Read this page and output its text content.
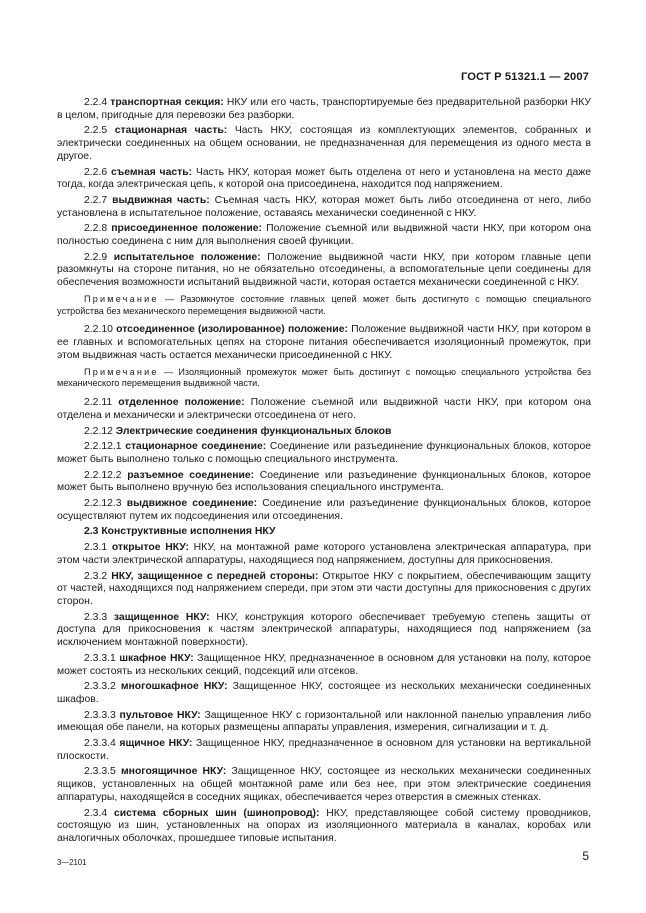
ГОСТ Р 51321.1 — 2007

2.2.4 транспортная секция: НКУ или его часть, транспортируемые без предварительной разборки НКУ в целом, пригодные для перевозки без разборки.

2.2.5 стационарная часть: Часть НКУ, состоящая из комплектующих элементов, собранных и электрически соединенных на общем основании, не предназначенная для перемещения из одного места в другое.

2.2.6 съемная часть: Часть НКУ, которая может быть отделена от него и установлена на место даже тогда, когда электрическая цепь, к которой она присоединена, находится под напряжением.

2.2.7 выдвижная часть: Съемная часть НКУ, которая может быть либо отсоединена от него, либо установлена в испытательное положение, оставаясь механически соединенной с НКУ.

2.2.8 присоединенное положение: Положение съемной или выдвижной части НКУ, при котором она полностью соединена с ним для выполнения своей функции.

2.2.9 испытательное положение: Положение выдвижной части НКУ, при котором главные цепи разомкнуты на стороне питания, но не обязательно отсоединены, а вспомогательные цепи соединены для обеспечения возможности испытаний выдвижной части, которая остается механически соединенной с НКУ.

Примечание — Разомкнутое состояние главных цепей может быть достигнуто с помощью специального устройства без механического перемещения выдвижной части.

2.2.10 отсоединенное (изолированное) положение: Положение выдвижной части НКУ, при котором в ее главных и вспомогательных цепях на стороне питания обеспечивается изоляционный промежуток, при этом выдвижная часть остается механически присоединенной с НКУ.

Примечание — Изоляционный промежуток может быть достигнут с помощью специального устройства без механического перемещения выдвижной части.

2.2.11 отделенное положение: Положение съемной или выдвижной части НКУ, при котором она отделена и механически и электрически отсоединена от него.

2.2.12 Электрические соединения функциональных блоков

2.2.12.1 стационарное соединение: Соединение или разъединение функциональных блоков, которое может быть выполнено только с помощью специального инструмента.

2.2.12.2 разъемное соединение: Соединение или разъединение функциональных блоков, которое может быть выполнено вручную без использования специального инструмента.

2.2.12.3 выдвижное соединение: Соединение или разъединение функциональных блоков, которое осуществляют путем их подсоединения или отсоединения.

2.3 Конструктивные исполнения НКУ

2.3.1 открытое НКУ: НКУ, на монтажной раме которого установлена электрическая аппаратура, при этом части электрической аппаратуры, находящиеся под напряжением, доступны для прикосновения.

2.3.2 НКУ, защищенное с передней стороны: Открытое НКУ с покрытием, обеспечивающим защиту от частей, находящихся под напряжением спереди, при этом эти части доступны для прикосновения с других сторон.

2.3.3 защищенное НКУ: НКУ, конструкция которого обеспечивает требуемую степень защиты от доступа для прикосновения к частям электрической аппаратуры, находящиеся под напряжением (за исключением монтажной поверхности).

2.3.3.1 шкафное НКУ: Защищенное НКУ, предназначенное в основном для установки на полу, которое может состоять из нескольких секций, подсекций или отсеков.

2.3.3.2 многошкафное НКУ: Защищенное НКУ, состоящее из нескольких механически соединенных шкафов.

2.3.3.3 пультовое НКУ: Защищенное НКУ с горизонтальной или наклонной панелью управления либо имеющая обе панели, на которых размещены аппараты управления, измерения, сигнализации и т. д.

2.3.3.4 ящичное НКУ: Защищенное НКУ, предназначенное в основном для установки на вертикальной плоскости.

2.3.3.5 многоящичное НКУ: Защищенное НКУ, состоящее из нескольких механически соединенных ящиков, установленных на общей монтажной раме или без нее, при этом электрические соединения аппаратуры, находящейся в соседних ящиках, обеспечивается через отверстия в смежных стенках.

2.3.4 система сборных шин (шинопровод): НКУ, представляющее собой систему проводников, состоящую из шин, установленных на опорах из изоляционного материала в каналах, коробах или аналогичных оболочках, прошедшее типовые испытания.

3—2101	5
